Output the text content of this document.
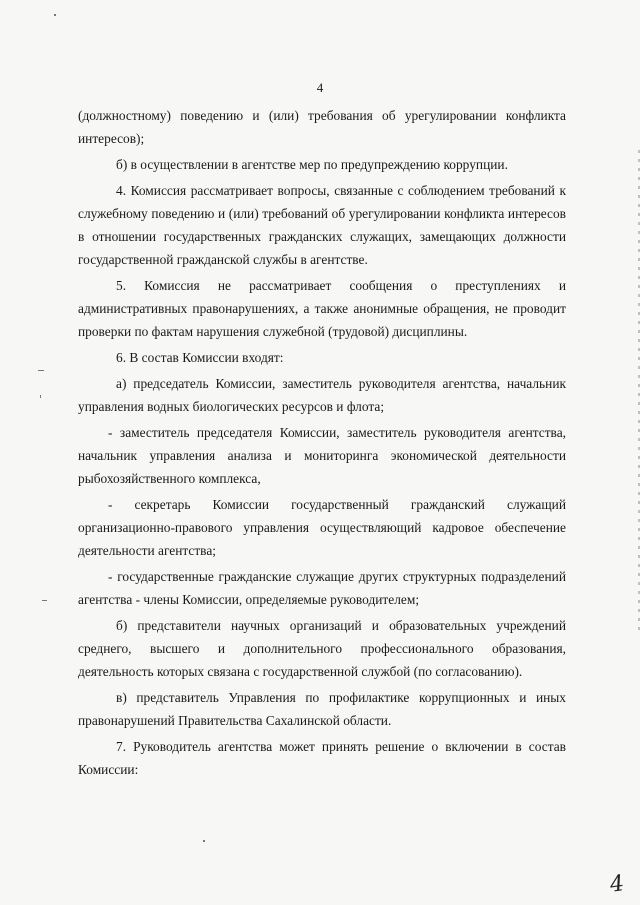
4

(должностному) поведению и (или) требования об урегулировании конфликта интересов);

б) в осуществлении в агентстве мер по предупреждению коррупции.

4. Комиссия рассматривает вопросы, связанные с соблюдением требований к служебному поведению и (или) требований об урегулировании конфликта интересов в отношении государственных гражданских служащих, замещающих должности государственной гражданской службы в агентстве.

5. Комиссия не рассматривает сообщения о преступлениях и административных правонарушениях, а также анонимные обращения, не проводит проверки по фактам нарушения служебной (трудовой) дисциплины.

6. В состав Комиссии входят:

а) председатель Комиссии, заместитель руководителя агентства, начальник управления водных биологических ресурсов и флота;

- заместитель председателя Комиссии, заместитель руководителя агентства, начальник управления анализа и мониторинга экономической деятельности рыбохозяйственного комплекса,

- секретарь Комиссии государственный гражданский служащий организационно-правового управления осуществляющий кадровое обеспечение деятельности агентства;

- государственные гражданские служащие других структурных подразделений агентства - члены Комиссии, определяемые руководителем;

б) представители научных организаций и образовательных учреждений среднего, высшего и дополнительного профессионального образования, деятельность которых связана с государственной службой (по согласованию).

в) представитель Управления по профилактике коррупционных и иных правонарушений Правительства Сахалинской области.

7. Руководитель агентства может принять решение о включении в состав Комиссии:

4
